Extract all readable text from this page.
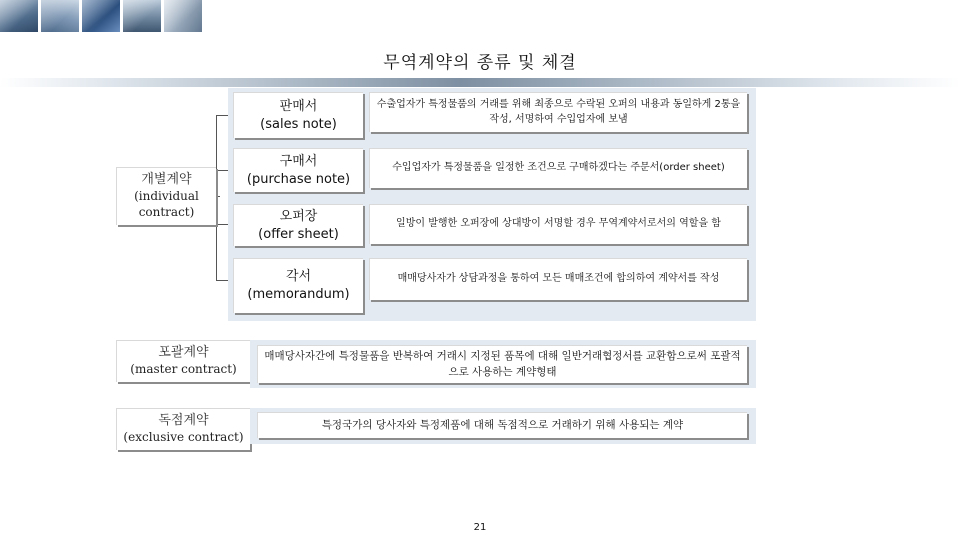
무역계약의 종류 및 체결
개별계약
(individual
contract)
판매서
(sales note)
수출업자가 특정물품의 거래를 위해 최종으로 수락된 오퍼의 내용과 동일하게 2통을 작성, 서명하여 수입업자에 보냄
구매서
(purchase note)
수입업자가 특정물품을 일정한 조건으로 구매하겠다는 주문서(order sheet)
오퍼장
(offer sheet)
일방이 발행한 오퍼장에 상대방이 서명할 경우 무역계약서로서의 역할을 함
각서
(memorandum)
매매당사자가 상담과정을 통하여 모든 매매조건에 합의하여 계약서를 작성
포괄계약
(master contract)
매매당사자간에 특정물품을 반복하여 거래시 지정된 품목에 대해 일반거래협정서를 교환함으로써 포괄적으로 사용하는 계약형태
독점계약
(exclusive contract)
특정국가의 당사자와 특정제품에 대해 독점적으로 거래하기 위해 사용되는 계약
21
